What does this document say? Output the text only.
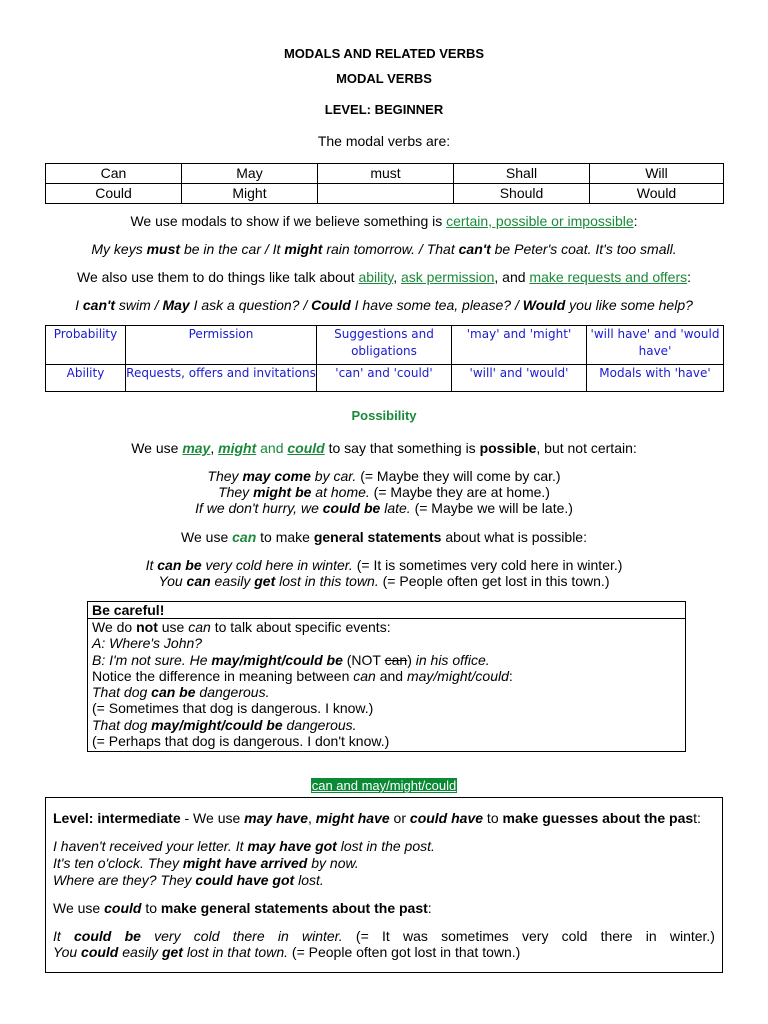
MODALS AND RELATED VERBS
MODAL VERBS
LEVEL: BEGINNER
The modal verbs are:
Can	May	must	Shall	Will
Could	Might		Should	Would
We use modals to show if we believe something is certain, possible or impossible:
My keys must be in the car / It might rain tomorrow. / That can't be Peter's coat. It's too small.
We also use them to do things like talk about ability, ask permission, and make requests and offers:
I can't swim / May I ask a question? / Could I have some tea, please? / Would you like some help?
Probability	Permission	Suggestions and obligations	'may' and 'might'	'will have' and 'would have'
Ability	Requests, offers and invitations	'can' and 'could'	'will' and 'would'	Modals with 'have'
Possibility
We use may, might and could to say that something is possible, but not certain:
They may come by car. (= Maybe they will come by car.)
They might be at home. (= Maybe they are at home.)
If we don't hurry, we could be late. (= Maybe we will be late.)
We use can to make general statements about what is possible:
It can be very cold here in winter. (= It is sometimes very cold here in winter.)
You can easily get lost in this town. (= People often get lost in this town.)
Be careful!
We do not use can to talk about specific events:
A: Where's John?
B: I'm not sure. He may/might/could be (NOT can) in his office.
Notice the difference in meaning between can and may/might/could:
That dog can be dangerous.
(= Sometimes that dog is dangerous. I know.)
That dog may/might/could be dangerous.
(= Perhaps that dog is dangerous. I don't know.)
can and may/might/could
Level: intermediate - We use may have, might have or could have to make guesses about the past:
I haven't received your letter. It may have got lost in the post.
It's ten o'clock. They might have arrived by now.
Where are they? They could have got lost.
We use could to make general statements about the past:
It could be very cold there in winter. (= It was sometimes very cold there in winter.)
You could easily get lost in that town. (= People often got lost in that town.)
